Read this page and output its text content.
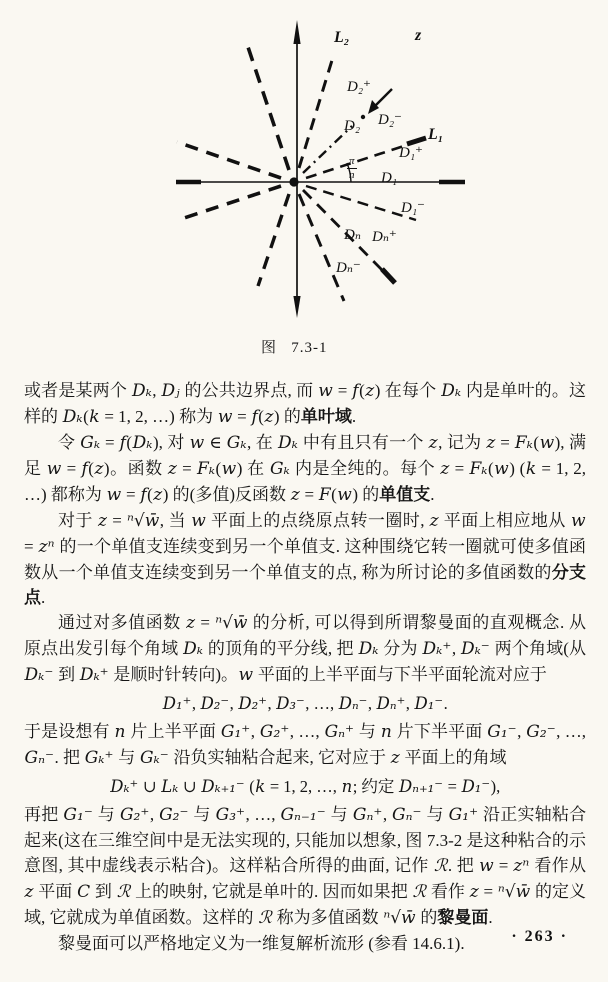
L₂	z
D₂⁺
D₂ D₂⁻
L₁
D₁⁺
$\frac{\pi}{n} D_1$
D₁⁻
Dₙ Dₙ⁺
Dₙ⁻
图   7.3-1
或者是某两个 Dₖ, Dⱼ 的公共边界点, 而 w = f(z) 在每个 Dₖ 内是单叶的。这样的 Dₖ(k = 1, 2, …) 称为 w = f(z) 的单叶域.
令 Gₖ = f(Dₖ), 对 w ∈ Gₖ, 在 Dₖ 中有且只有一个 z, 记为 z = Fₖ(w), 满足 w = f(z)。函数 z = Fₖ(w) 在 Gₖ 内是全纯的。每个 z = Fₖ(w) (k = 1, 2, …) 都称为 w = f(z) 的(多值)反函数 z = F(w) 的单值支.
对于 z = ⁿ√w̄, 当 w 平面上的点绕原点转一圈时, z 平面上相应地从 w = zⁿ 的一个单值支连续变到另一个单值支. 这种围绕它转一圈就可使多值函数从一个单值支连续变到另一个单值支的点, 称为所讨论的多值函数的分支点.
通过对多值函数 z = ⁿ√w̄ 的分析, 可以得到所谓黎曼面的直观概念. 从原点出发引每个角域 Dₖ 的顶角的平分线, 把 Dₖ 分为 Dₖ⁺, Dₖ⁻ 两个角域(从 Dₖ⁻ 到 Dₖ⁺ 是顺时针转向)。w 平面的上半平面与下半平面轮流对应于
D₁⁺, D₂⁻, D₂⁺, D₃⁻, …, Dₙ⁻, Dₙ⁺, D₁⁻.
于是设想有 n 片上半平面 G₁⁺, G₂⁺, …, Gₙ⁺ 与 n 片下半平面 G₁⁻, G₂⁻, …, Gₙ⁻. 把 Gₖ⁺ 与 Gₖ⁻ 沿负实轴粘合起来, 它对应于 z 平面上的角域
Dₖ⁺ ∪ Lₖ ∪ Dₖ₊₁⁻ (k = 1, 2, …, n; 约定 Dₙ₊₁⁻ = D₁⁻),
再把 G₁⁻ 与 G₂⁺, G₂⁻ 与 G₃⁺, …, Gₙ₋₁⁻ 与 Gₙ⁺, Gₙ⁻ 与 G₁⁺ 沿正实轴粘合起来(这在三维空间中是无法实现的, 只能加以想象, 图 7.3-2 是这种粘合的示意图, 其中虚线表示粘合)。这样粘合所得的曲面, 记作 ℛ. 把 w = zⁿ 看作从 z 平面 C 到 ℛ 上的映射, 它就是单叶的. 因而如果把 ℛ 看作 z = ⁿ√w̄ 的定义域, 它就成为单值函数。这样的 ℛ 称为多值函数 ⁿ√w̄ 的黎曼面.
黎曼面可以严格地定义为一维复解析流形 (参看 14.6.1).	· 263 ·
